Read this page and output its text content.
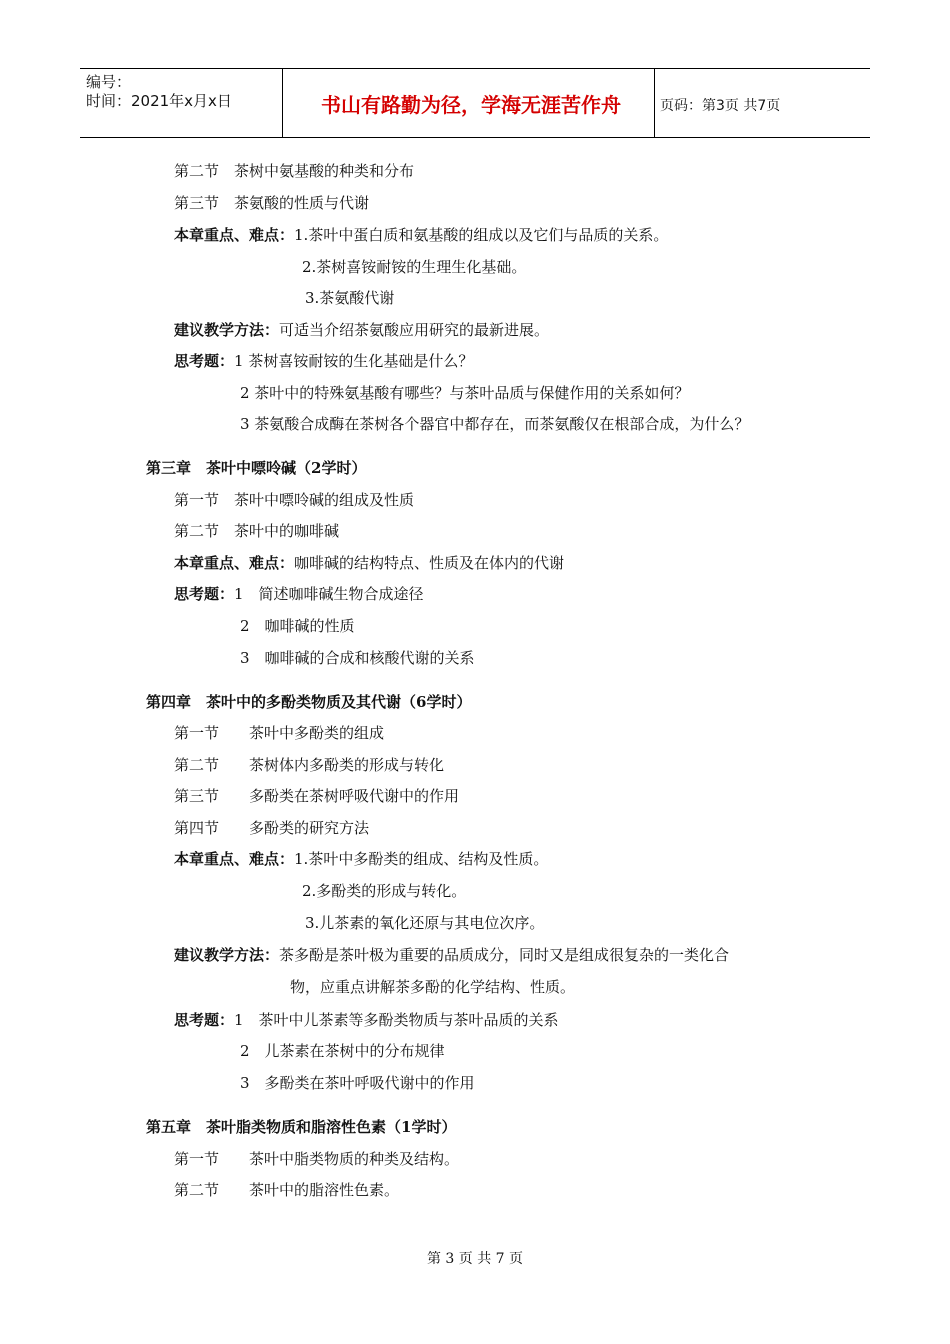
编号：
时间：2021年x月x日	书山有路勤为径，学海无涯苦作舟	页码：第3页 共7页
第二节　茶树中氨基酸的种类和分布
第三节　茶氨酸的性质与代谢
本章重点、难点：1.茶叶中蛋白质和氨基酸的组成以及它们与品质的关系。
2.茶树喜铵耐铵的生理生化基础。
3.茶氨酸代谢
建议教学方法：可适当介绍茶氨酸应用研究的最新进展。
思考题：1 茶树喜铵耐铵的生化基础是什么？
2 茶叶中的特殊氨基酸有哪些？与茶叶品质与保健作用的关系如何？
3 茶氨酸合成酶在茶树各个器官中都存在，而茶氨酸仅在根部合成，为什么？
第三章　茶叶中嘌呤碱（2学时）
第一节　茶叶中嘌呤碱的组成及性质
第二节　茶叶中的咖啡碱
本章重点、难点：咖啡碱的结构特点、性质及在体内的代谢
思考题：1　简述咖啡碱生物合成途径
2　咖啡碱的性质
3　咖啡碱的合成和核酸代谢的关系
第四章　茶叶中的多酚类物质及其代谢（6学时）
第一节　　茶叶中多酚类的组成
第二节　　茶树体内多酚类的形成与转化
第三节　　多酚类在茶树呼吸代谢中的作用
第四节　　多酚类的研究方法
本章重点、难点：1.茶叶中多酚类的组成、结构及性质。
2.多酚类的形成与转化。
3.儿茶素的氧化还原与其电位次序。
建议教学方法：茶多酚是茶叶极为重要的品质成分，同时又是组成很复杂的一类化合
物，应重点讲解茶多酚的化学结构、性质。
思考题：1　茶叶中儿茶素等多酚类物质与茶叶品质的关系
2　儿茶素在茶树中的分布规律
3　多酚类在茶叶呼吸代谢中的作用
第五章　茶叶脂类物质和脂溶性色素（1学时）
第一节　　茶叶中脂类物质的种类及结构。
第二节　　茶叶中的脂溶性色素。
第 3 页 共 7 页
